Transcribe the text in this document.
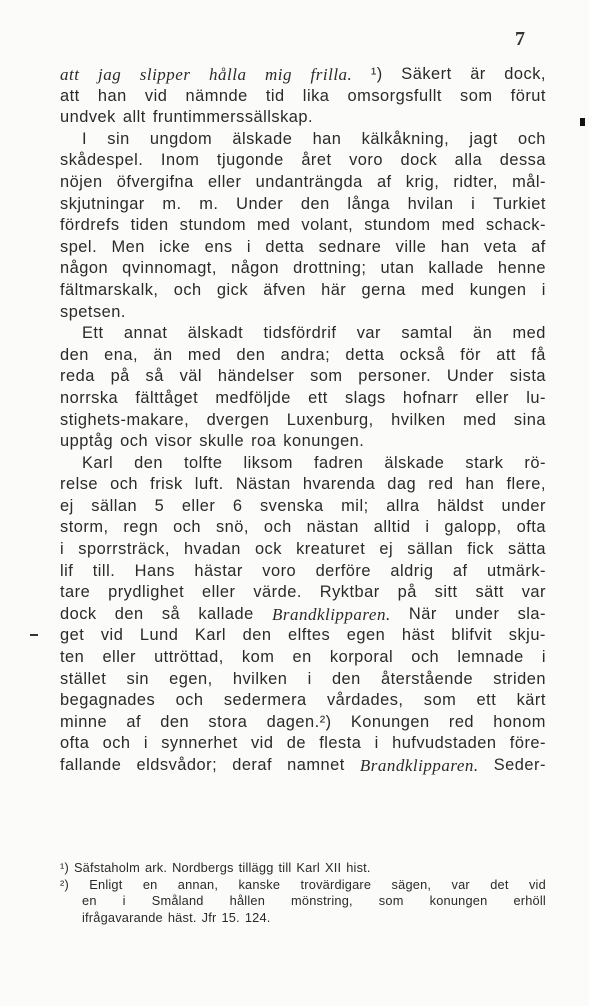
7
att jag slipper hålla mig frilla. ¹) Säkert är dock,
att han vid nämnde tid lika omsorgsfullt som förut
undvek allt fruntimmerssällskap.
I sin ungdom älskade han kälkåkning, jagt och
skådespel. Inom tjugonde året voro dock alla dessa
nöjen öfvergifna eller undanträngda af krig, ridter, mål-
skjutningar m. m. Under den långa hvilan i Turkiet
fördrefs tiden stundom med volant, stundom med schack-
spel. Men icke ens i detta sednare ville han veta af
någon qvinnomagt, någon drottning; utan kallade henne
fältmarskalk, och gick äfven här gerna med kungen i
spetsen.
Ett annat älskadt tidsfördrif var samtal än med
den ena, än med den andra; detta också för att få
reda på så väl händelser som personer. Under sista
norrska fälttåget medföljde ett slags hofnarr eller lu-
stighets-makare, dvergen Luxenburg, hvilken med sina
upptåg och visor skulle roa konungen.
Karl den tolfte liksom fadren älskade stark rö-
relse och frisk luft. Nästan hvarenda dag red han flere,
ej sällan 5 eller 6 svenska mil; allra häldst under
storm, regn och snö, och nästan alltid i galopp, ofta
i sporrsträck, hvadan ock kreaturet ej sällan fick sätta
lif till. Hans hästar voro derföre aldrig af utmärk-
tare prydlighet eller värde. Ryktbar på sitt sätt var
dock den så kallade Brandklipparen. När under sla-
get vid Lund Karl den elftes egen häst blifvit skju-
ten eller uttröttad, kom en korporal och lemnade i
stället sin egen, hvilken i den återstående striden
begagnades och sedermera vårdades, som ett kärt
minne af den stora dagen.²) Konungen red honom
ofta och i synnerhet vid de flesta i hufvudstaden före-
fallande eldsvådor; deraf namnet Brandklipparen. Seder-
¹) Säfstaholm ark. Nordbergs tillägg till Karl XII hist.
²) Enligt en annan, kanske trovärdigare sägen, var det vid
en i Småland hållen mönstring, som konungen erhöll
ifrågavarande häst. Jfr 15. 124.
